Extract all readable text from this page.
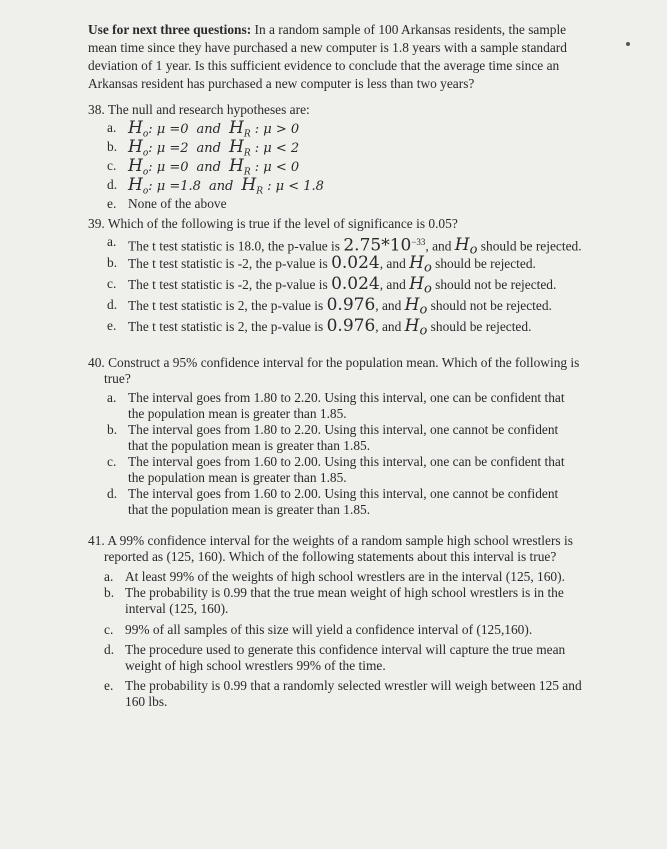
Use for next three questions: In a random sample of 100 Arkansas residents, the sample
mean time since they have purchased a new computer is 1.8 years with a sample standard
deviation of 1 year. Is this sufficient evidence to conclude that the average time since an
Arkansas resident has purchased a new computer is less than two years?
38. The null and research hypotheses are:
a. $H_o$: μ =0 and $H_R$ : μ > 0
b. $H_o$: μ =2 and $H_R$ : μ < 2
c. $H_o$: μ =0 and $H_R$ : μ < 0
d. $H_o$: μ =1.8 and $H_R$ : μ < 1.8
e. None of the above
39. Which of the following is true if the level of significance is 0.05?
a. The t test statistic is 18.0, the p-value is $2.75*10^{-33}$, and $H_o$ should be rejected.
b. The t test statistic is -2, the p-value is 0.024, and $H_o$ should be rejected.
c. The t test statistic is -2, the p-value is 0.024, and $H_o$ should not be rejected.
d. The t test statistic is 2, the p-value is 0.976, and $H_o$ should not be rejected.
e. The t test statistic is 2, the p-value is 0.976, and $H_o$ should be rejected.
40. Construct a 95% confidence interval for the population mean. Which of the following is
true?
a. The interval goes from 1.80 to 2.20. Using this interval, one can be confident that
the population mean is greater than 1.85.
b. The interval goes from 1.80 to 2.20. Using this interval, one cannot be confident
that the population mean is greater than 1.85.
c. The interval goes from 1.60 to 2.00. Using this interval, one can be confident that
the population mean is greater than 1.85.
d. The interval goes from 1.60 to 2.00. Using this interval, one cannot be confident
that the population mean is greater than 1.85.
41. A 99% confidence interval for the weights of a random sample high school wrestlers is
reported as (125, 160). Which of the following statements about this interval is true?
a. At least 99% of the weights of high school wrestlers are in the interval (125, 160).
b. The probability is 0.99 that the true mean weight of high school wrestlers is in the
interval (125, 160).
c. 99% of all samples of this size will yield a confidence interval of (125,160).
d. The procedure used to generate this confidence interval will capture the true mean
weight of high school wrestlers 99% of the time.
e. The probability is 0.99 that a randomly selected wrestler will weigh between 125 and
160 lbs.
